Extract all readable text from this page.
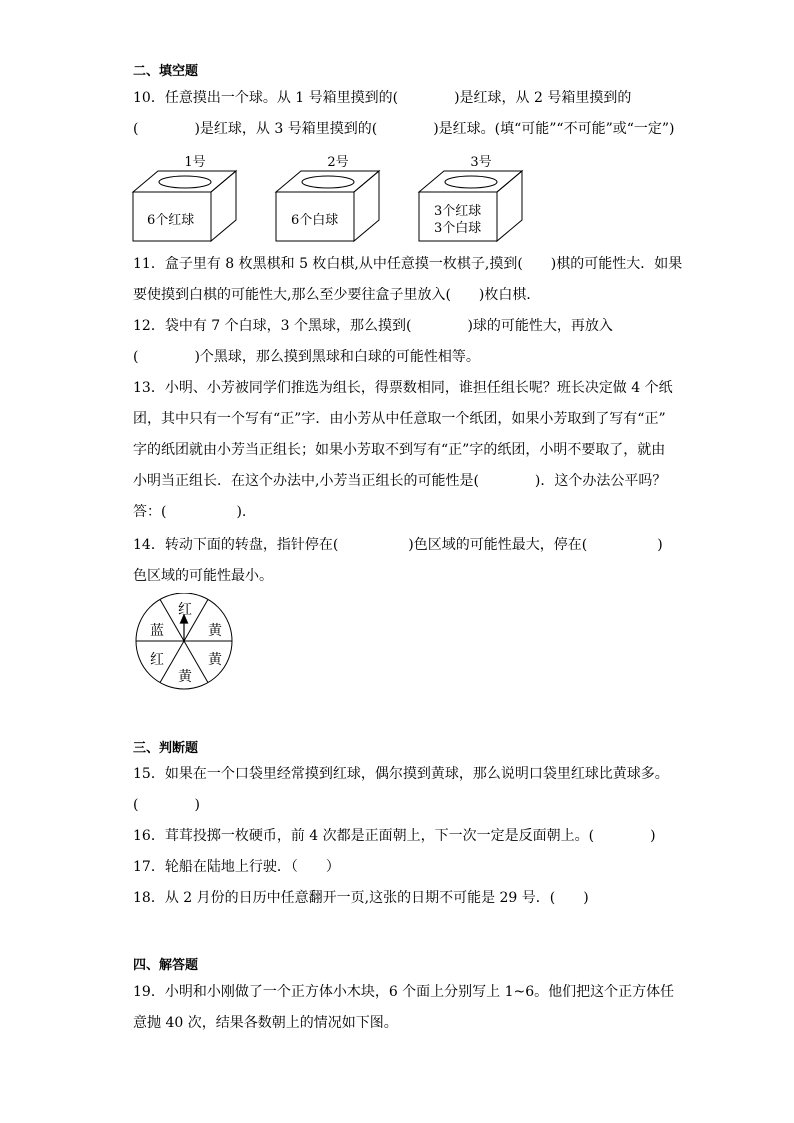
二、填空题
10．任意摸出一个球。从 1 号箱里摸到的(　　　　)是红球，从 2 号箱里摸到的
(　　　　)是红球，从 3 号箱里摸到的(　　　　)是红球。(填“可能”“不可能”或“一定”)
1号	2号	3号
6个红球	6个白球
3个红球
3个白球
11．盒子里有 8 枚黑棋和 5 枚白棋,从中任意摸一枚棋子,摸到(　　)棋的可能性大．如果
要使摸到白棋的可能性大,那么至少要往盒子里放入(　　)枚白棋．
12．袋中有 7 个白球，3 个黑球，那么摸到(　　　　)球的可能性大，再放入
(　　　　)个黑球，那么摸到黑球和白球的可能性相等。
13．小明、小芳被同学们推选为组长，得票数相同，谁担任组长呢？班长决定做 4 个纸
团，其中只有一个写有“正”字．由小芳从中任意取一个纸团，如果小芳取到了写有“正”
字的纸团就由小芳当正组长；如果小芳取不到写有“正”字的纸团，小明不要取了，就由
小明当正组长．在这个办法中,小芳当正组长的可能性是(　　　　)．这个办法公平吗？
答：(　　　　　).
14．转动下面的转盘，指针停在(　　　　　)色区域的可能性最大，停在(　　　　　)
色区域的可能性最小。
红
黄
黄
黄
红
蓝
三、判断题
15．如果在一个口袋里经常摸到红球，偶尔摸到黄球，那么说明口袋里红球比黄球多。
(　　　　)
16．茸茸投掷一枚硬币，前 4 次都是正面朝上，下一次一定是反面朝上。(　　　　)
17．轮船在陆地上行驶．（　　）
18．从 2 月份的日历中任意翻开一页,这张的日期不可能是 29 号．(　　)
四、解答题
19．小明和小刚做了一个正方体小木块，6 个面上分别写上 1~6。他们把这个正方体任
意抛 40 次，结果各数朝上的情况如下图。
